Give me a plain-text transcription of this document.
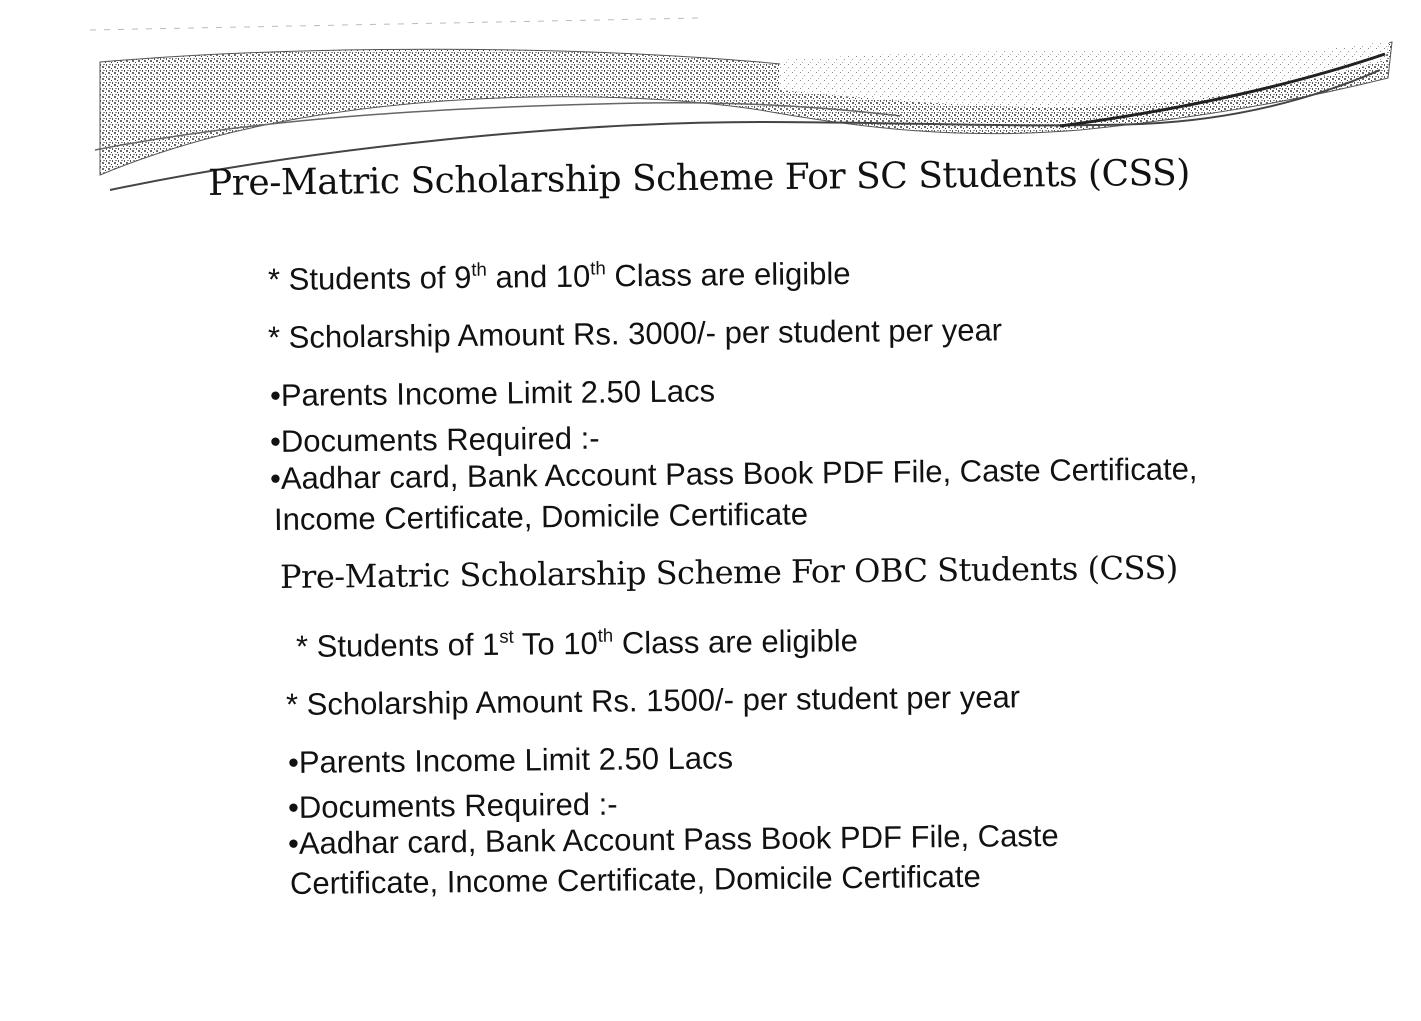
Pre-Matric Scholarship Scheme For SC Students (CSS)
* Students of 9th and 10th Class are eligible
* Scholarship Amount Rs. 3000/- per student per year
•Parents Income Limit 2.50 Lacs
•Documents Required :-
•Aadhar card, Bank Account Pass Book PDF File, Caste Certificate,
Income Certificate, Domicile Certificate
Pre-Matric Scholarship Scheme For OBC Students (CSS)
* Students of 1st To 10th Class are eligible
* Scholarship Amount Rs. 1500/- per student per year
•Parents Income Limit 2.50 Lacs
•Documents Required :-
•Aadhar card, Bank Account Pass Book PDF File, Caste
Certificate, Income Certificate, Domicile Certificate
